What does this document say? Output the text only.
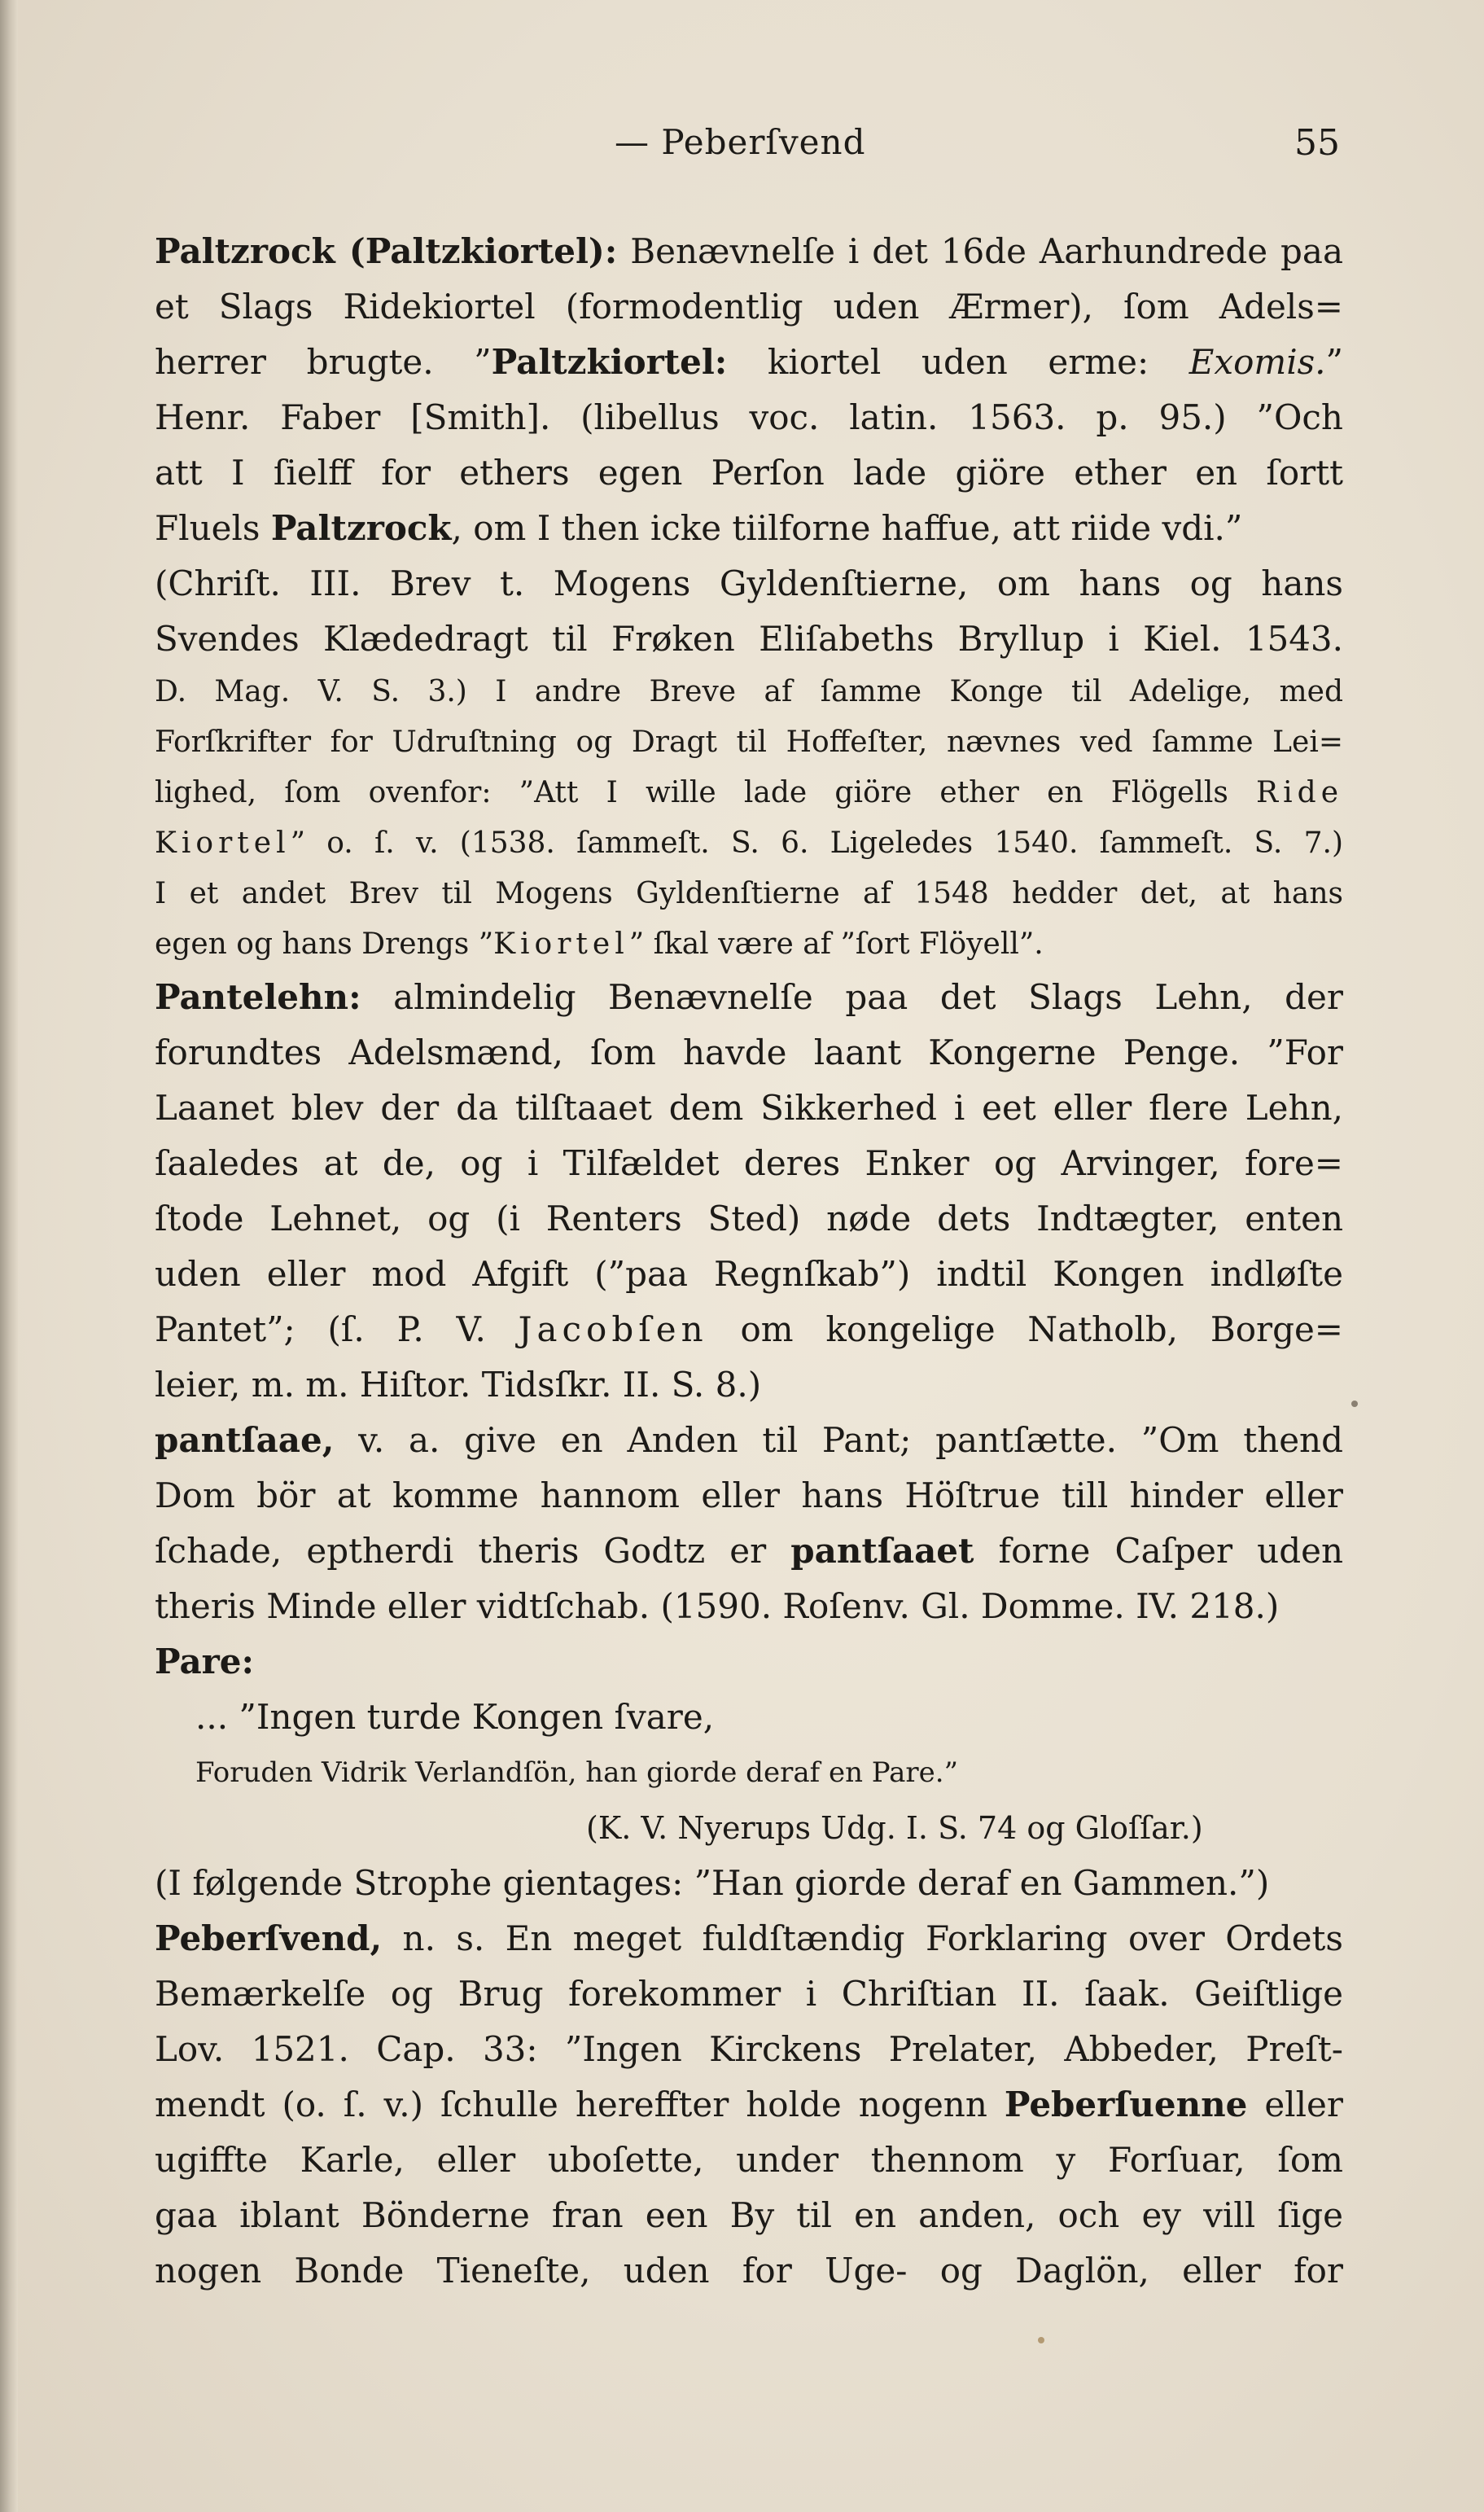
— Peberſvend	55
Paltzrock (Paltzkiortel): Benævnelſe i det 16de Aarhundrede paa
et Slags Ridekiortel (formodentlig uden Ærmer), ſom Adels=
herrer brugte. ”Paltzkiortel: kiortel uden erme: Exomis.”
Henr. Faber [Smith]. (libellus voc. latin. 1563. p. 95.) ”Och
att I ſielff for ethers egen Perſon lade giöre ether en ſortt
Fluels Paltzrock, om I then icke tiilforne haffue, att riide vdi.”
(Chriſt. III. Brev t. Mogens Gyldenſtierne, om hans og hans
Svendes Klædedragt til Frøken Eliſabeths Bryllup i Kiel. 1543.
D. Mag. V. S. 3.) I andre Breve af ſamme Konge til Adelige, med
Forſkrifter for Udruſtning og Dragt til Hoffeſter, nævnes ved ſamme Lei=
lighed, ſom ovenfor: ”Att I wille lade giöre ether en Flögells Ride
Kiortel” o. ſ. v. (1538. ſammeſt. S. 6. Ligeledes 1540. ſammeſt. S. 7.)
I et andet Brev til Mogens Gyldenſtierne af 1548 hedder det, at hans
egen og hans Drengs ”Kiortel” ſkal være af ”ſort Flöyell”.
Pantelehn: almindelig Benævnelſe paa det Slags Lehn, der
forundtes Adelsmænd, ſom havde laant Kongerne Penge. ”For
Laanet blev der da tilſtaaet dem Sikkerhed i eet eller flere Lehn,
ſaaledes at de, og i Tilfældet deres Enker og Arvinger, fore=
ſtode Lehnet, og (i Renters Sted) nøde dets Indtægter, enten
uden eller mod Afgift (”paa Regnſkab”) indtil Kongen indløſte
Pantet”; (ſ. P. V. Jacobſen om kongelige Natholb, Borge=
leier, m. m. Hiſtor. Tidsſkr. II. S. 8.)
pantſaae, v. a. give en Anden til Pant; pantſætte. ”Om thend
Dom bör at komme hannom eller hans Höſtrue till hinder eller
ſchade, eptherdi theris Godtz er pantſaaet forne Caſper uden
theris Minde eller vidtſchab. (1590. Roſenv. Gl. Domme. IV. 218.)
Pare:
... ”Ingen turde Kongen ſvare,
Foruden Vidrik Verlandſön, han giorde deraf en Pare.”
(K. V. Nyerups Udg. I. S. 74 og Gloſſar.)
(I følgende Strophe gientages: ”Han giorde deraf en Gammen.”)
Peberſvend, n. s. En meget fuldſtændig Forklaring over Ordets
Bemærkelſe og Brug forekommer i Chriſtian II. ſaak. Geiſtlige
Lov. 1521. Cap. 33: ”Ingen Kirckens Prelater, Abbeder, Preſt-
mendt (o. ſ. v.) ſchulle hereffter holde nogenn Peberſuenne eller
ugiffte Karle, eller uboſette, under thennom y Forſuar, ſom
gaa iblant Bönderne fran een By til en anden, och ey vill ſige
nogen Bonde Tieneſte, uden for Uge- og Daglön, eller for
